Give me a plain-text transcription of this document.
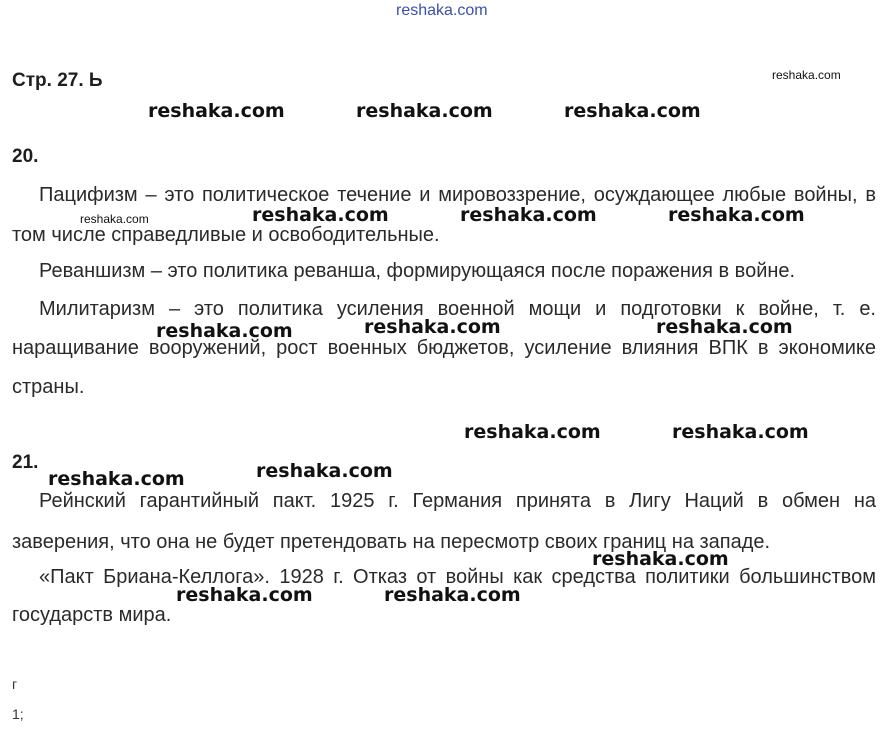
reshaka.com
Стр. 27. Ь
20.

Пацифизм – это политическое течение и мировоззрение, осуждающее любые войны, в том числе справедливые и освободительные.

Реваншизм – это политика реванша, формирующаяся после поражения в войне.

Милитаризм – это политика усиления военной мощи и подготовки к войне, т. е. наращивание вооружений, рост военных бюджетов, усиление влияния ВПК в экономике страны.

21.

Рейнский гарантийный пакт. 1925 г. Германия принята в Лигу Наций в обмен на заверения, что она не будет претендовать на пересмотр своих границ на западе.

«Пакт Бриана-Келлога». 1928 г. Отказ от войны как средства политики большинством государств мира.

г
1;
reshaka.com
reshaka.com	reshaka.com	reshaka.com
reshaka.com	reshaka.com	reshaka.com	reshaka.com
reshaka.com	reshaka.com	reshaka.com
reshaka.com	reshaka.com
reshaka.com	reshaka.com
reshaka.com
reshaka.com	reshaka.com
